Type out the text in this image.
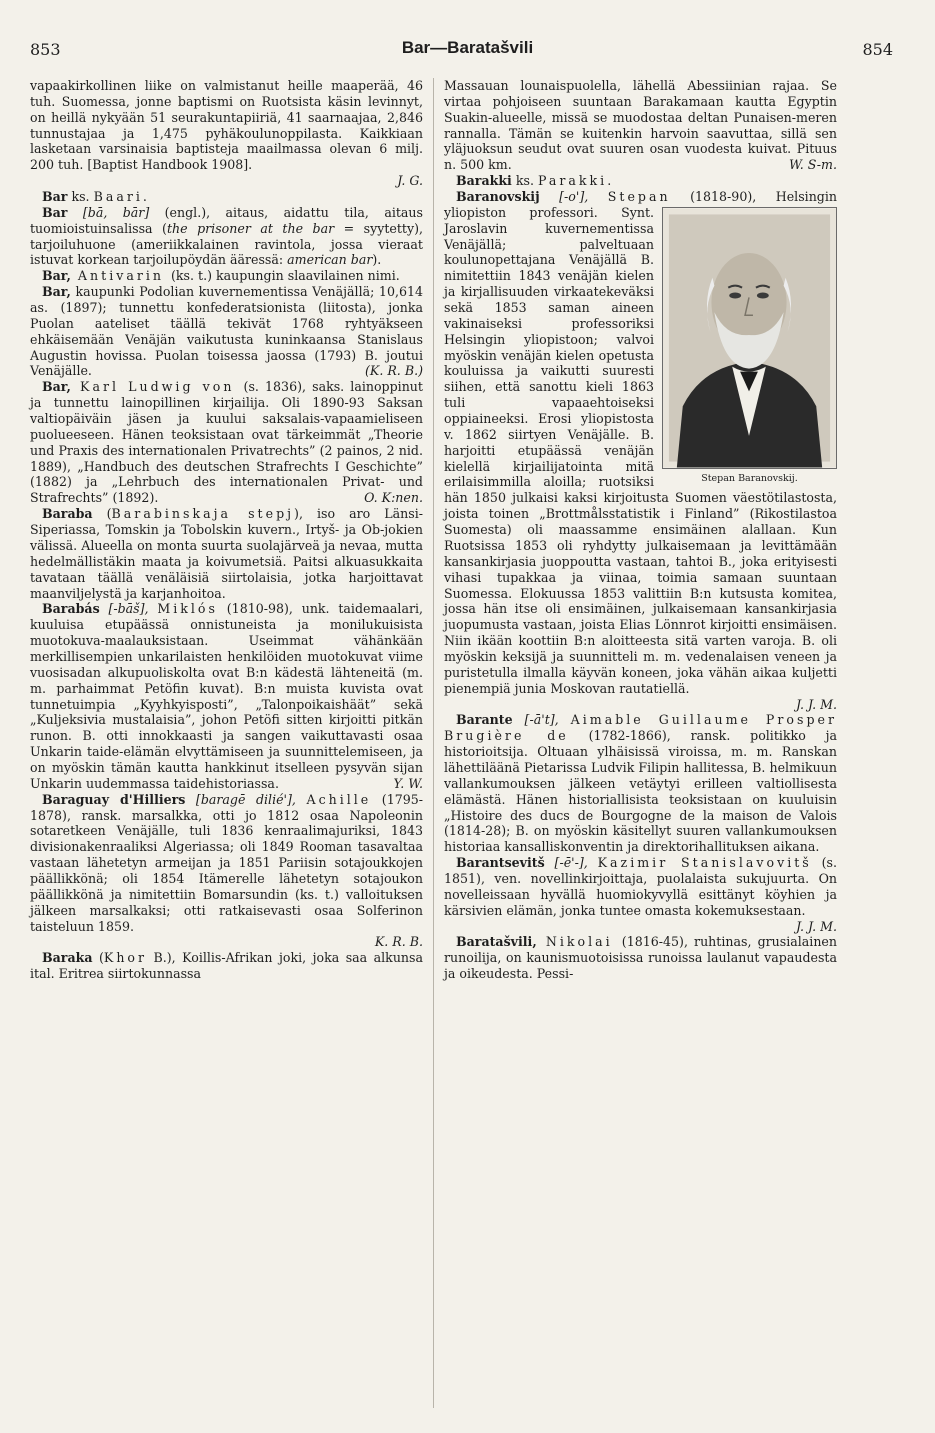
853	Bar—Baratašvili	854

vapaakirkollinen liike on valmistanut heille maaperää, 46 tuh. Suomessa, jonne baptismi on Ruotsista käsin levinnyt, on heillä nykyään 51 seurakuntapiiriä, 41 saarnaajaa, 2,846 tunnustajaa ja 1,475 pyhäkoulunoppilasta. Kaikkiaan lasketaan varsinaisia baptisteja maailmassa olevan 6 milj. 200 tuh. [Baptist Handbook 1908].
J. G.

Bar ks. Baari.

Bar [bā, bār] (engl.), aitaus, aidattu tila, aitaus tuomioistuinsalissa (the prisoner at the bar = syytetty), tarjoiluhuone (ameriikkalainen ravintola, jossa vieraat istuvat korkean tarjoilupöydän ääressä: american bar).

Bar, Antivarin (ks. t.) kaupungin slaavilainen nimi.

Bar, kaupunki Podolian kuvernementissa Venäjällä; 10,614 as. (1897); tunnettu konfederatsionista (liitosta), jonka Puolan aateliset täällä tekivät 1768 ryhtyäkseen ehkäisemään Venäjän vaikutusta kuninkaansa Stanislaus Augustin hovissa. Puolan toisessa jaossa (1793) B. joutui Venäjälle.	(K. R. B.)

Bar, Karl Ludwig von (s. 1836), saks. lainoppinut ja tunnettu lainopillinen kirjailija. Oli 1890-93 Saksan valtiopäiväin jäsen ja kuului saksalais-vapaamieliseen puolueeseen. Hänen teoksistaan ovat tärkeimmät „Theorie und Praxis des internationalen Privatrechts” (2 painos, 2 nid. 1889), „Handbuch des deutschen Strafrechts I Geschichte” (1882) ja „Lehrbuch des internationalen Privat- und Strafrechts” (1892).	O. K:nen.

Baraba (Barabinskaja stepj), iso aro Länsi-Siperiassa, Tomskin ja Tobolskin kuvern., Irtyš- ja Ob-jokien välissä. Alueella on monta suurta suolajärveä ja nevaa, mutta hedelmällistäkin maata ja koivumetsiä. Paitsi alkuasukkaita tavataan täällä venäläisiä siirtolaisia, jotka harjoittavat maanviljelystä ja karjanhoitoa.

Barabás [-bāš], Miklós (1810-98), unk. taidemaalari, kuuluisa etupäässä onnistuneista ja monilukuisista muotokuva-maalauksistaan. Useimmat vähänkään merkillisempien unkarilaisten henkilöiden muotokuvat viime vuosisadan alkupuoliskolta ovat B:n kädestä lähteneitä (m. m. parhaimmat Petöfin kuvat). B:n muista kuvista ovat tunnetuimpia „Kyyhkyisposti”, „Talonpoikaishäät” sekä „Kuljeksivia mustalaisia”, johon Petöfi sitten kirjoitti pitkän runon. B. otti innokkaasti ja sangen vaikuttavasti osaa Unkarin taide-elämän elvyttämiseen ja suunnittelemiseen, ja on myöskin tämän kautta hankkinut itselleen pysyvän sijan Unkarin uudemmassa taidehistoriassa.	Y. W.

Baraguay d'Hilliers [baragē dilié'], Achille (1795-1878), ransk. marsalkka, otti jo 1812 osaa Napoleonin sotaretkeen Venäjälle, tuli 1836 kenraalimajuriksi, 1843 divisionakenraaliksi Algeriassa; oli 1849 Rooman tasavaltaa vastaan lähetetyn armeijan ja 1851 Pariisin sotajoukkojen päällikkönä; oli 1854 Itämerelle lähetetyn sotajoukon päällikkönä ja nimitettiin Bomarsundin (ks. t.) valloituksen jälkeen marsalkaksi; otti ratkaisevasti osaa Solferinon taisteluun 1859.
K. R. B.

Baraka (Khor B.), Koillis-Afrikan joki, joka saa alkunsa ital. Eritrea siirtokunnassa

Massauan lounaispuolella, lähellä Abessiinian rajaa. Se virtaa pohjoiseen suuntaan Barakamaan kautta Egyptin Suakin-alueelle, missä se muodostaa deltan Punaisen-meren rannalla. Tämän se kuitenkin harvoin saavuttaa, sillä sen yläjuoksun seudut ovat suuren osan vuodesta kuivat. Pituus n. 500 km.	W. S-m.

Barakki ks. Parakki.

Baranovskij [-o'], Stepan (1818-90), Helsingin yliopiston professori.
Stepan Baranovskij.
Synt. Jaroslavin kuvernementissa Venäjällä; palveltuaan koulunopettajana Venäjällä B. nimitettiin 1843 venäjän kielen ja kirjallisuuden virkaatekeväksi sekä 1853 saman aineen vakinaiseksi professoriksi Helsingin yliopistoon; valvoi myöskin venäjän kielen opetusta kouluissa ja vaikutti suuresti siihen, että sanottu kieli 1863 tuli vapaaehtoiseksi oppiaineeksi. Erosi yliopistosta v. 1862 siirtyen Venäjälle. B. harjoitti etupäässä venäjän kielellä kirjailijatointa mitä erilaisimmilla aloilla; ruotsiksi hän 1850 julkaisi kaksi kirjoitusta Suomen väestötilastosta, joista toinen „Brottmålsstatistik i Finland” (Rikostilastoa Suomesta) oli maassamme ensimäinen alallaan. Kun Ruotsissa 1853 oli ryhdytty julkaisemaan ja levittämään kansankirjasia juoppoutta vastaan, tahtoi B., joka erityisesti vihasi tupakkaa ja viinaa, toimia samaan suuntaan Suomessa. Elokuussa 1853 valittiin B:n kutsusta komitea, jossa hän itse oli ensimäinen, julkaisemaan kansankirjasia juopumusta vastaan, joista Elias Lönnrot kirjoitti ensimäisen. Niin ikään koottiin B:n aloitteesta sitä varten varoja. B. oli myöskin keksijä ja suunnitteli m. m. vedenalaisen veneen ja puristetulla ilmalla käyvän koneen, joka vähän aikaa kuljetti pienempiä junia Moskovan rautatiellä.
J. J. M.

Barante [-ā't], Aimable Guillaume Prosper Brugière de (1782-1866), ransk. politikko ja historioitsija. Oltuaan ylhäisissä viroissa, m. m. Ranskan lähettiläänä Pietarissa Ludvik Filipin hallitessa, B. helmikuun vallankumouksen jälkeen vetäytyi erilleen valtiollisesta elämästä. Hänen historiallisista teoksistaan on kuuluisin „Histoire des ducs de Bourgogne de la maison de Valois (1814-28); B. on myöskin käsitellyt suuren vallankumouksen historiaa kansalliskonventin ja direktorihallituksen aikana.

Barantsevitš [-ē'-], Kazimir Stanislavovitš (s. 1851), ven. novellinkirjoittaja, puolalaista sukujuurta. On novelleissaan hyvällä huomiokyvyllä esittänyt köyhien ja kärsivien elämän, jonka tuntee omasta kokemuksestaan.
J. J. M.

Baratašvili, Nikolai (1816-45), ruhtinas, grusialainen runoilija, on kaunismuotoisissa runoissa laulanut vapaudesta ja oikeudesta. Pessi-
